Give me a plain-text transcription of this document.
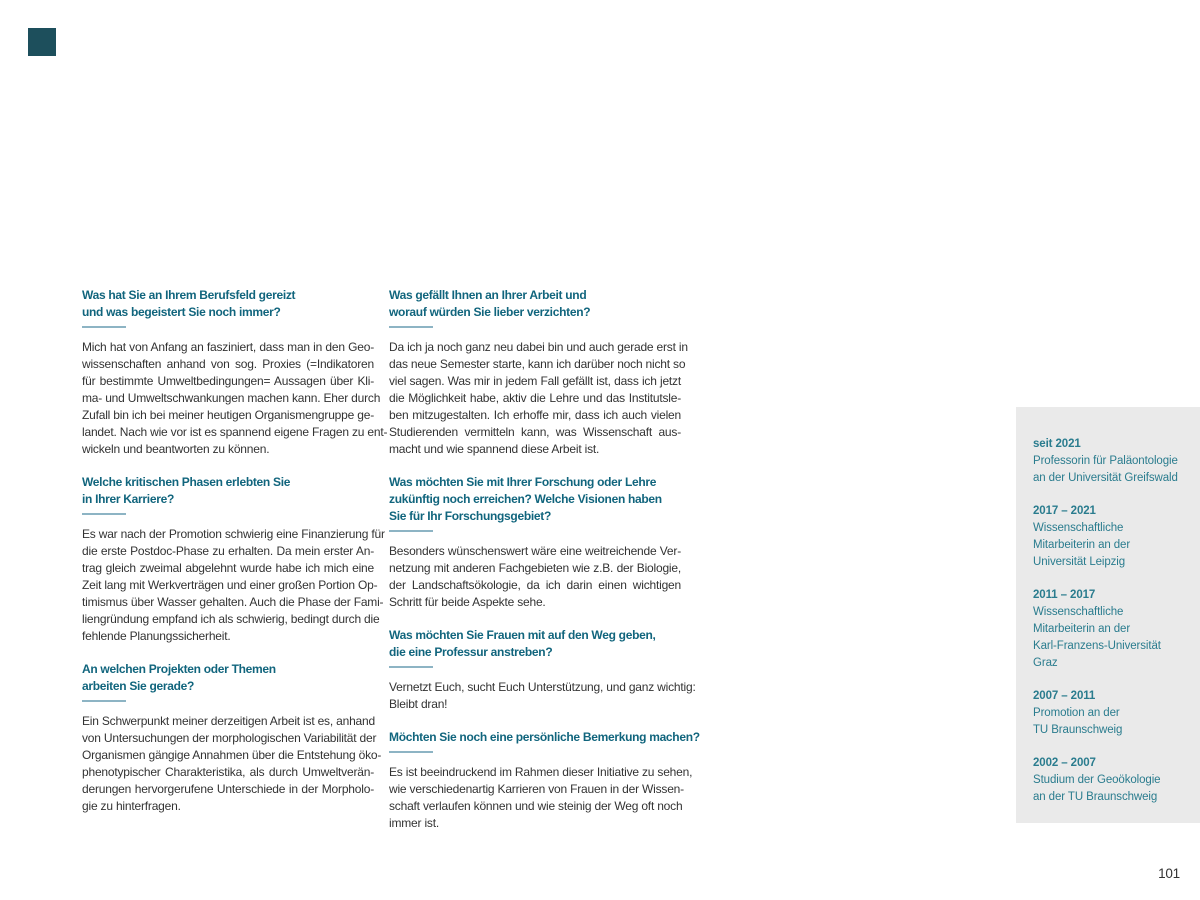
Was hat Sie an Ihrem Berufsfeld gereizt
und was begeistert Sie noch immer?
Mich hat von Anfang an fasziniert, dass man in den Geo-
wissenschaften anhand von sog. Proxies (=Indikatoren
für bestimmte Umweltbedingungen= Aussagen über Kli-
ma- und Umweltschwankungen machen kann. Eher durch
Zufall bin ich bei meiner heutigen Organismengruppe ge-
landet. Nach wie vor ist es spannend eigene Fragen zu ent-
wickeln und beantworten zu können.
Welche kritischen Phasen erlebten Sie
in Ihrer Karriere?
Es war nach der Promotion schwierig eine Finanzierung für
die erste Postdoc-Phase zu erhalten. Da mein erster An-
trag gleich zweimal abgelehnt wurde habe ich mich eine
Zeit lang mit Werkverträgen und einer großen Portion Op-
timismus über Wasser gehalten. Auch die Phase der Fami-
liengründung empfand ich als schwierig, bedingt durch die
fehlende Planungssicherheit.
An welchen Projekten oder Themen
arbeiten Sie gerade?
Ein Schwerpunkt meiner derzeitigen Arbeit ist es, anhand
von Untersuchungen der morphologischen Variabilität der
Organismen gängige Annahmen über die Entstehung öko-
phenotypischer Charakteristika, als durch Umweltverän-
derungen hervorgerufene Unterschiede in der Morpholo-
gie zu hinterfragen.
Was gefällt Ihnen an Ihrer Arbeit und
worauf würden Sie lieber verzichten?
Da ich ja noch ganz neu dabei bin und auch gerade erst in
das neue Semester starte, kann ich darüber noch nicht so
viel sagen. Was mir in jedem Fall gefällt ist, dass ich jetzt
die Möglichkeit habe, aktiv die Lehre und das Institutsle-
ben mitzugestalten. Ich erhoffe mir, dass ich auch vielen
Studierenden vermitteln kann, was Wissenschaft aus-
macht und wie spannend diese Arbeit ist.
Was möchten Sie mit Ihrer Forschung oder Lehre
zukünftig noch erreichen? Welche Visionen haben
Sie für Ihr Forschungsgebiet?
Besonders wünschenswert wäre eine weitreichende Ver-
netzung mit anderen Fachgebieten wie z.B. der Biologie,
der Landschaftsökologie, da ich darin einen wichtigen
Schritt für beide Aspekte sehe.
Was möchten Sie Frauen mit auf den Weg geben,
die eine Professur anstreben?
Vernetzt Euch, sucht Euch Unterstützung, und ganz wichtig:
Bleibt dran!
Möchten Sie noch eine persönliche Bemerkung machen?
Es ist beeindruckend im Rahmen dieser Initiative zu sehen,
wie verschiedenartig Karrieren von Frauen in der Wissen-
schaft verlaufen können und wie steinig der Weg oft noch
immer ist.
seit 2021
Professorin für Paläontologie
an der Universität Greifswald
2017 – 2021
Wissenschaftliche
Mitarbeiterin an der
Universität Leipzig
2011 – 2017
Wissenschaftliche
Mitarbeiterin an der
Karl-Franzens-Universität
Graz
2007 – 2011
Promotion an der
TU Braunschweig
2002 – 2007
Studium der Geoökologie
an der TU Braunschweig
101
